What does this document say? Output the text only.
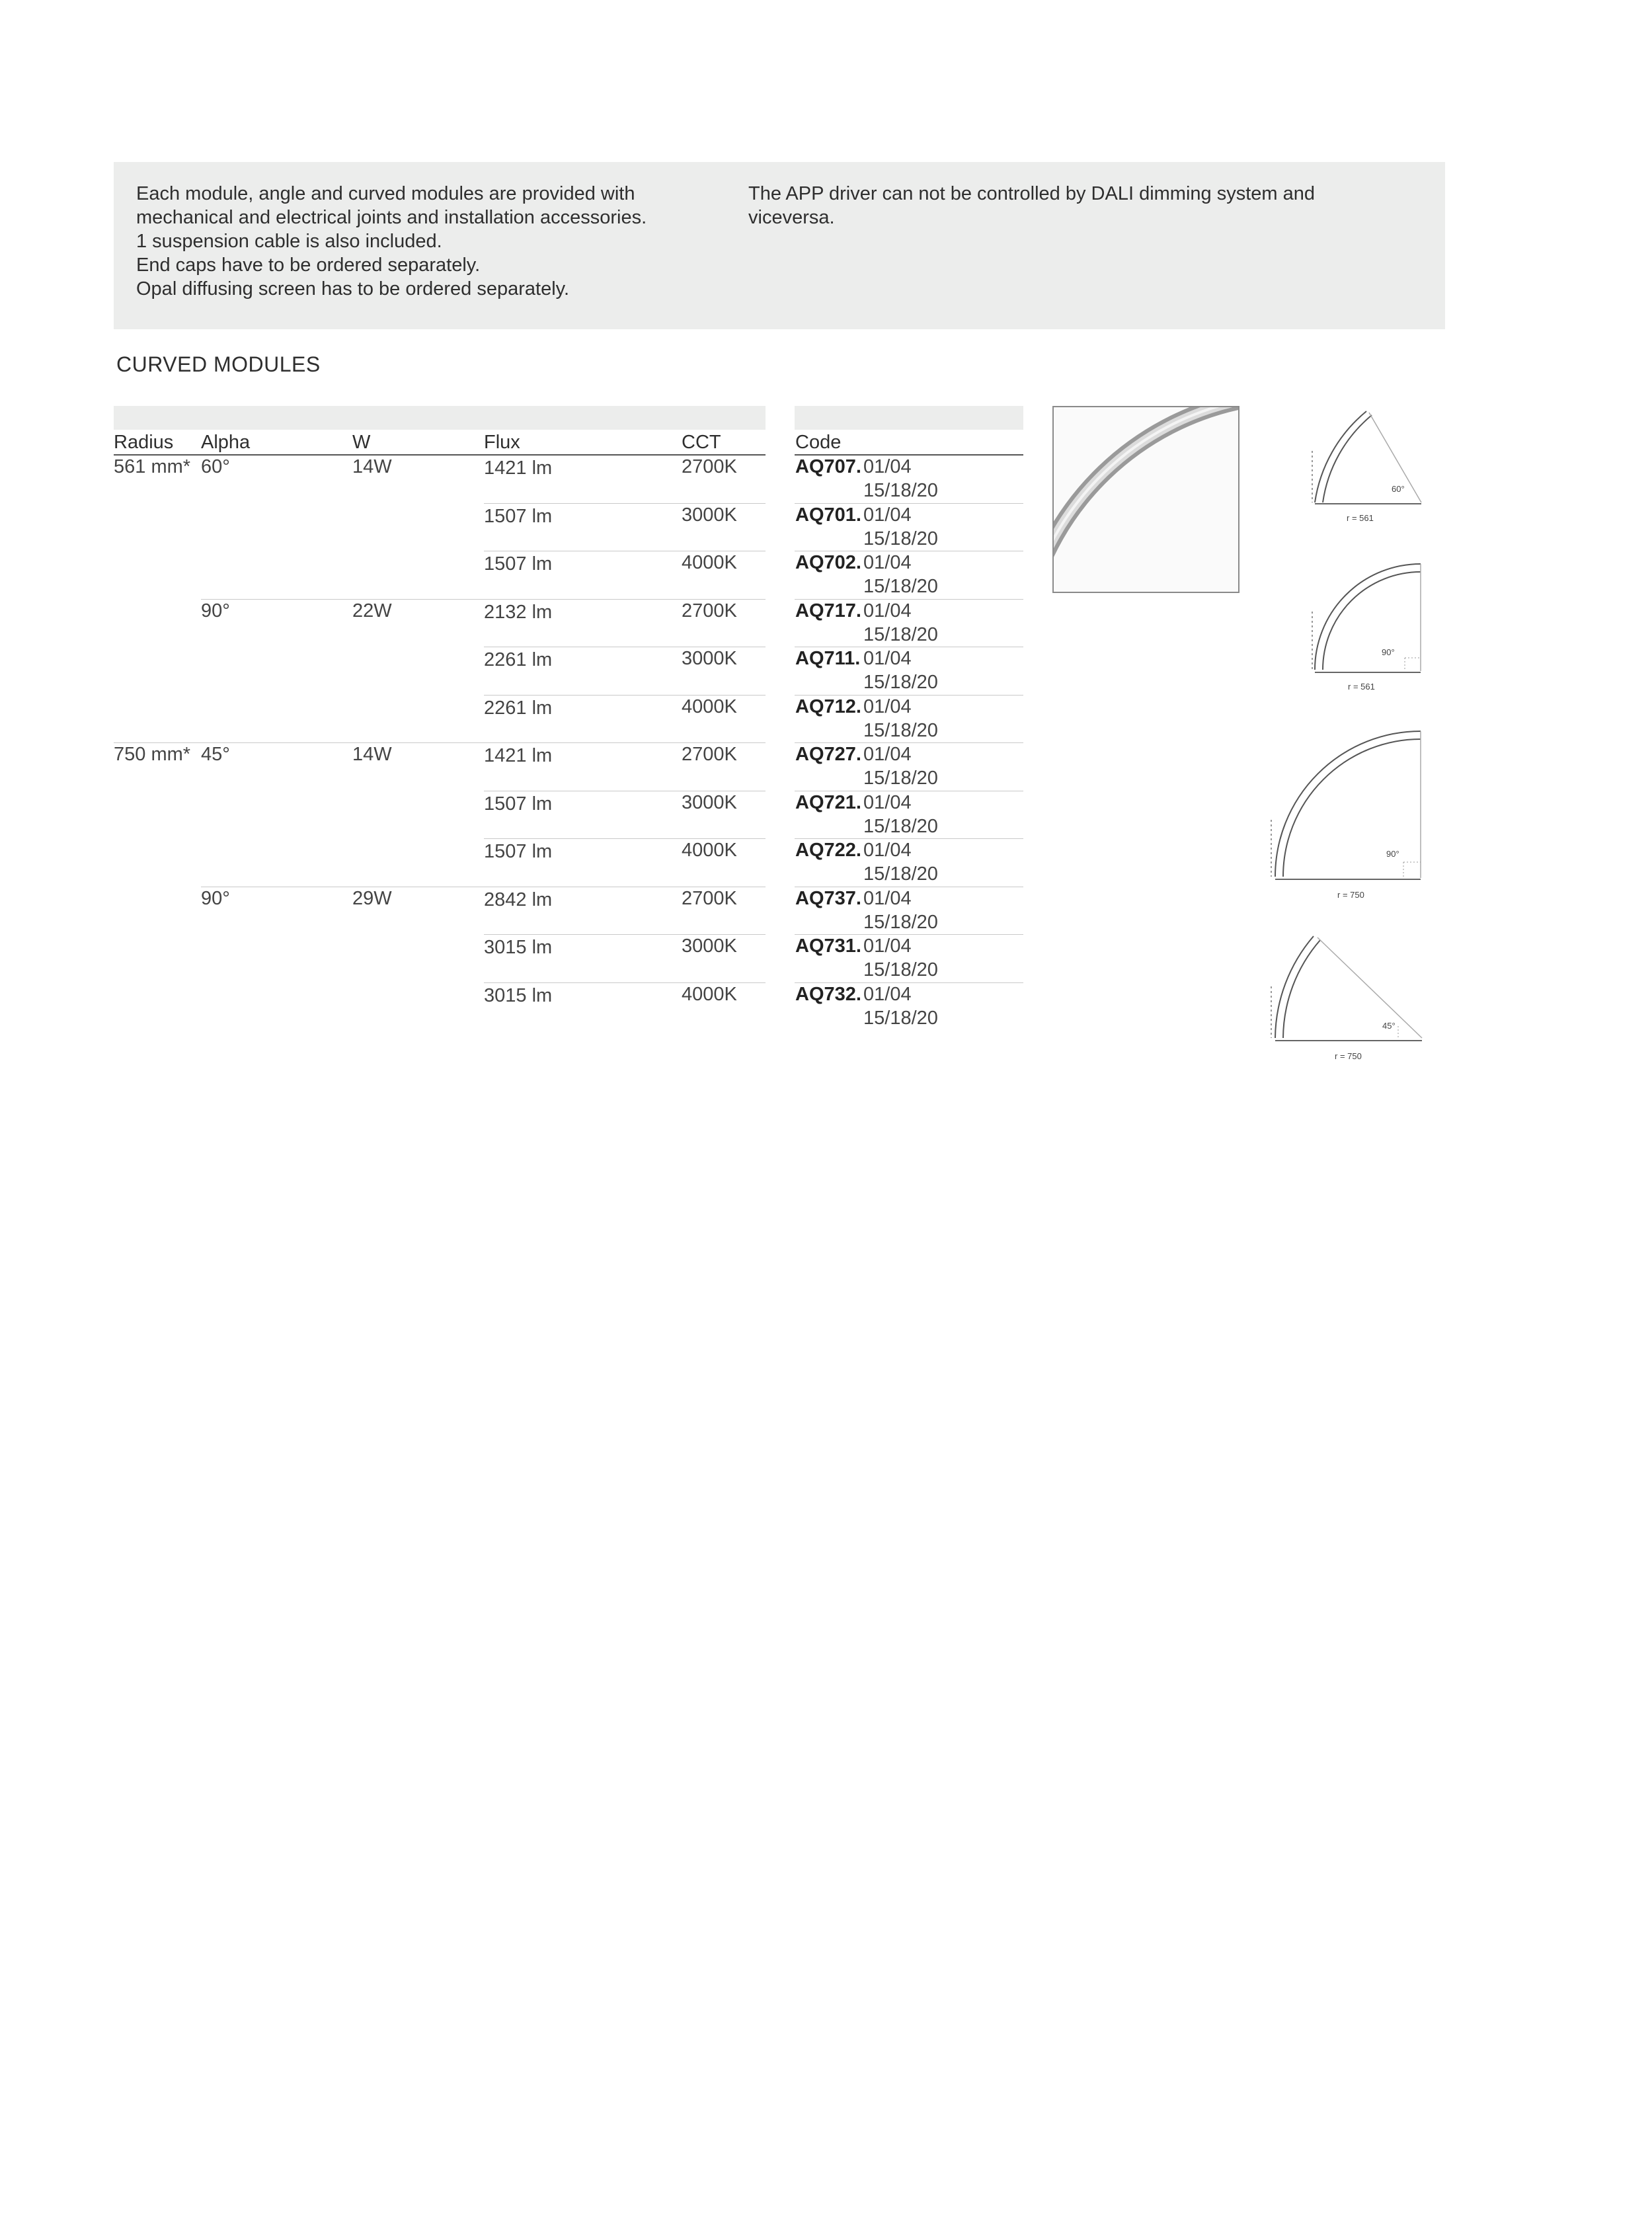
Each module, angle and curved modules are provided with
mechanical and electrical joints and installation accessories.
1 suspension cable is also included.
End caps have to be ordered separately.
Opal diffusing screen has to be ordered separately.
The APP driver can not be controlled by DALI dimming system and
viceversa.
CURVED MODULES
Radius Alpha	W	Flux	CCT	Code
561 mm* 60°	14W	1421 lm	2700K	AQ707. 01/04
15/18/20
1507 lm	3000K	AQ701. 01/04
15/18/20
1507 lm	4000K	AQ702. 01/04
15/18/20
90°	22W	2132 lm	2700K	AQ717. 01/04
15/18/20
2261 lm	3000K	AQ711. 01/04
15/18/20
2261 lm	4000K	AQ712. 01/04
15/18/20
750 mm* 45°	14W	1421 lm	2700K	AQ727. 01/04
15/18/20
1507 lm	3000K	AQ721. 01/04
15/18/20
1507 lm	4000K	AQ722. 01/04
15/18/20
90°	29W	2842 lm	2700K	AQ737. 01/04
15/18/20
3015 lm	3000K	AQ731. 01/04
15/18/20
3015 lm	4000K	AQ732. 01/04
15/18/20
60°
r = 561
90°
r = 561
90°
r = 750
45°
r = 750
